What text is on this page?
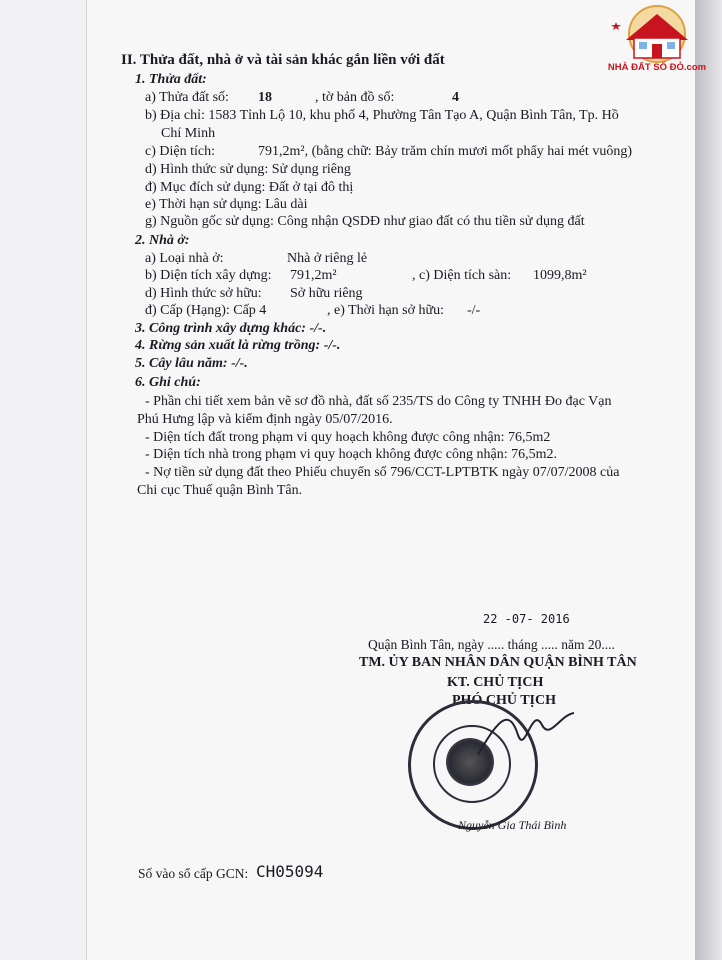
NHÀ ĐẤT SỔ ĐỎ.com
II. Thửa đất, nhà ở và tài sản khác gắn liền với đất
1. Thửa đất:
a) Thửa đất số: 18	, tờ bản đồ số:	4
b) Địa chỉ: 1583 Tỉnh Lộ 10, khu phố 4, Phường Tân Tạo A, Quận Bình Tân, Tp. Hồ
Chí Minh
c) Diện tích:	791,2m², (bằng chữ: Bảy trăm chín mươi mốt phẩy hai mét vuông)
d) Hình thức sử dụng: Sử dụng riêng
đ) Mục đích sử dụng: Đất ở tại đô thị
e) Thời hạn sử dụng: Lâu dài
g) Nguồn gốc sử dụng: Công nhận QSDĐ như giao đất có thu tiền sử dụng đất
2. Nhà ở:
a) Loại nhà ở:	Nhà ở riêng lẻ
b) Diện tích xây dựng: 791,2m²	, c) Diện tích sàn: 1099,8m²
d) Hình thức sở hữu: Sở hữu riêng
đ) Cấp (Hạng): Cấp 4	, e) Thời hạn sở hữu: -/-
3. Công trình xây dựng khác: -/-.
4. Rừng sản xuất là rừng trồng: -/-.
5. Cây lâu năm: -/-.
6. Ghi chú:
- Phần chi tiết xem bản vẽ sơ đồ nhà, đất số 235/TS do Công ty TNHH Đo đạc Vạn
Phú Hưng lập và kiểm định ngày 05/07/2016.
- Diện tích đất trong phạm vi quy hoạch không được công nhận: 76,5m2
- Diện tích nhà trong phạm vi quy hoạch không được công nhận: 76,5m2.
- Nợ tiền sử dụng đất theo Phiếu chuyển số 796/CCT-LPTBTK ngày 07/07/2008 của
Chi cục Thuế quận Bình Tân.
22 -07- 2016
Quận Bình Tân, ngày ..... tháng ..... năm 20....
TM. ỦY BAN NHÂN DÂN QUẬN BÌNH TÂN
KT. CHỦ TỊCH
PHÓ CHỦ TỊCH
Nguyễn Gia Thái Bình
Số vào sổ cấp GCN: CH05094
